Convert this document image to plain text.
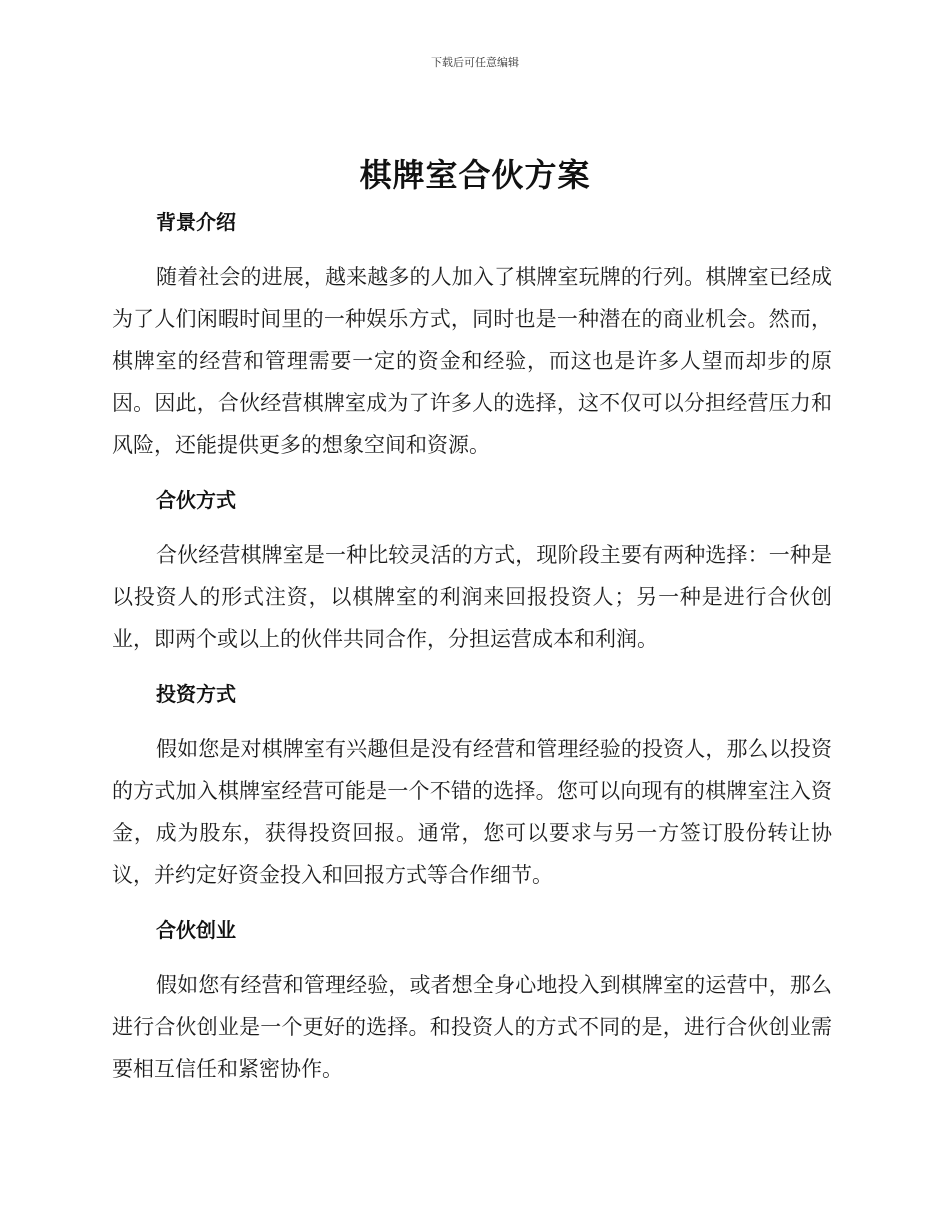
下载后可任意编辑
棋牌室合伙方案
背景介绍

随着社会的进展，越来越多的人加入了棋牌室玩牌的行列。棋牌室已经成为了人们闲暇时间里的一种娱乐方式，同时也是一种潜在的商业机会。然而，棋牌室的经营和管理需要一定的资金和经验，而这也是许多人望而却步的原因。因此，合伙经营棋牌室成为了许多人的选择，这不仅可以分担经营压力和风险，还能提供更多的想象空间和资源。

合伙方式

合伙经营棋牌室是一种比较灵活的方式，现阶段主要有两种选择：一种是以投资人的形式注资，以棋牌室的利润来回报投资人；另一种是进行合伙创业，即两个或以上的伙伴共同合作，分担运营成本和利润。

投资方式

假如您是对棋牌室有兴趣但是没有经营和管理经验的投资人，那么以投资的方式加入棋牌室经营可能是一个不错的选择。您可以向现有的棋牌室注入资金，成为股东，获得投资回报。通常，您可以要求与另一方签订股份转让协议，并约定好资金投入和回报方式等合作细节。

合伙创业

假如您有经营和管理经验，或者想全身心地投入到棋牌室的运营中，那么进行合伙创业是一个更好的选择。和投资人的方式不同的是，进行合伙创业需要相互信任和紧密协作。
